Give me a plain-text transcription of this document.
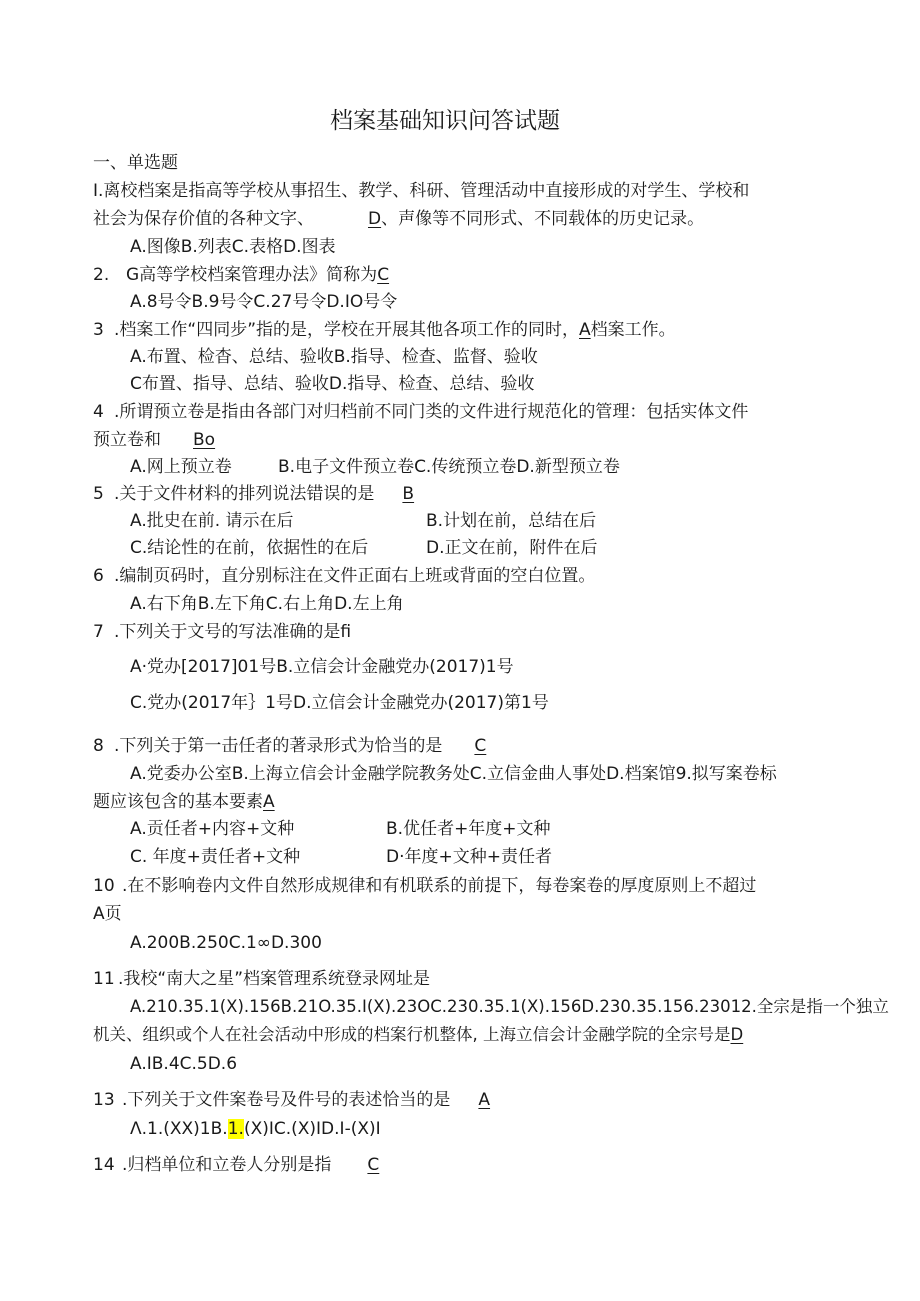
档案基础知识问答试题
一、单选题
I.离校档案是指高等学校从事招生、教学、科研、管理活动中直接形成的对学生、学校和
社会为保存价值的各种文字、	D、声像等不同形式、不同载体的历史记录。
A.图像B.列表C.表格D.图表
2. G高等学校档案管理办法》简称为C
A.8号令B.9号令C.27号令D.IO号令
3 .档案工作“四同步”指的是，学校在开展其他各项工作的同时，A档案工作。
A.布置、检杳、总结、验收B.指导、检查、监督、验收
C布置、指导、总结、验收D.指导、检查、总结、验收
4 .所谓预立卷是指由各部门对归档前不同门类的文件进行规范化的管理：包括实体文件
预立卷和 Bo
A.网上预立卷	B.电子文件预立卷C.传统预立卷D.新型预立卷
5 .关于文件材料的排列说法错误的是 B
A.批史在前. 请示在后	B.计划在前，总结在后
C.结论性的在前，依据性的在后	D.正文在前，附件在后
6 .编制页码时，直分别标注在文件正面右上班或背面的空白位置。
A.右下角B.左下角C.右上角D.左上角
7 .下列关于文号的写法准确的是fi
A·党办[2017]01号B.立信会计金融党办(2017)1号
C.党办(2017年｝1号D.立信会计金融党办(2017)第1号
8 .下列关于第一击任者的著录形式为恰当的是 C
A.党委办公室B.上海立信会计金融学院教务处C.立信金曲人事处D.档案馆9.拟写案卷标
题应该包含的基本要素A
A.贡任者+内容+文种	B.优任者+年度+文种
C. 年度+责任者+文种	D·年度+文种+责任者
10 .在不影响卷内文件自然形成规律和有机联系的前提下，每卷案卷的厚度原则上不超过
A页
A.200B.250C.1∞D.300
11 .我校“南大之星”档案管理系统登录网址是
A.210.35.1(X).156B.21O.35.I(X).23OC.230.35.1(X).156D.230.35.156.23012.全宗是指一个独立
机关、组织或个人在社会活动中形成的档案行机整体, 上海立信会计金融学院的全宗号是D
A.IB.4C.5D.6
13 .下列关于文件案卷号及件号的表述恰当的是 A
Λ.1.(XX)1B.1.(X)IC.(X)ID.I-(X)I
14 .归档单位和立卷人分别是指 C
